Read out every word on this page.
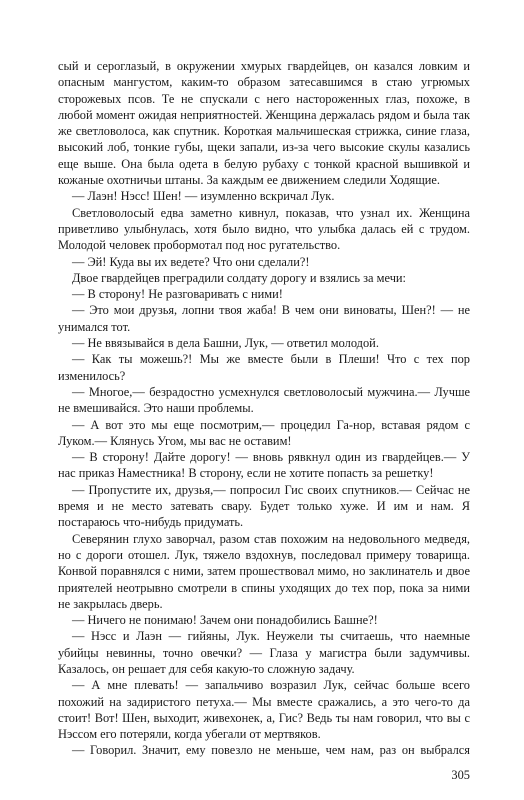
сый и сероглазый, в окружении хмурых гвардейцев, он казался ловким и опасным мангустом, каким-то образом затесавшимся в стаю угрюмых сторожевых псов. Те не спускали с него настороженных глаз, похоже, в любой момент ожидая неприятностей. Женщина держалась рядом и была так же светловолоса, как спутник. Короткая мальчишеская стрижка, синие глаза, высокий лоб, тонкие губы, щеки запали, из-за чего высокие скулы казались еще выше. Она была одета в белую рубаху с тонкой красной вышивкой и кожаные охотничьи штаны. За каждым ее движением следили Ходящие.

— Лаэн! Нэсс! Шен! — изумленно вскричал Лук.

Светловолосый едва заметно кивнул, показав, что узнал их. Женщина приветливо улыбнулась, хотя было видно, что улыбка далась ей с трудом. Молодой человек пробормотал под нос ругательство.

— Эй! Куда вы их ведете? Что они сделали?!

Двое гвардейцев преградили солдату дорогу и взялись за мечи:

— В сторону! Не разговаривать с ними!

— Это мои друзья, лопни твоя жаба! В чем они виноваты, Шен?! — не унимался тот.

— Не ввязывайся в дела Башни, Лук, — ответил молодой.

— Как ты можешь?! Мы же вместе были в Плеши! Что с тех пор изменилось?

— Многое,— безрадостно усмехнулся светловолосый мужчина.— Лучше не вмешивайся. Это наши проблемы.

— А вот это мы еще посмотрим,— процедил Га-нор, вставая рядом с Луком.— Клянусь Угом, мы вас не оставим!

— В сторону! Дайте дорогу! — вновь рявкнул один из гвардейцев.— У нас приказ Наместника! В сторону, если не хотите попасть за решетку!

— Пропустите их, друзья,— попросил Гис своих спутников.— Сейчас не время и не место затевать свару. Будет только хуже. И им и нам. Я постараюсь что-нибудь придумать.

Северянин глухо заворчал, разом став похожим на недовольного медведя, но с дороги отошел. Лук, тяжело вздохнув, последовал примеру товарища. Конвой поравнялся с ними, затем прошествовал мимо, но заклинатель и двое приятелей неотрывно смотрели в спины уходящих до тех пор, пока за ними не закрылась дверь.

— Ничего не понимаю! Зачем они понадобились Башне?!

— Нэсс и Лаэн — гийяны, Лук. Неужели ты считаешь, что наемные убийцы невинны, точно овечки? — Глаза у магистра были задумчивы. Казалось, он решает для себя какую-то сложную задачу.

— А мне плевать! — запальчиво возразил Лук, сейчас больше всего похожий на задиристого петуха.— Мы вместе сражались, а это чего-то да стоит! Вот! Шен, выходит, живехонек, а, Гис? Ведь ты нам говорил, что вы с Нэссом его потеряли, когда убегали от мертвяков.

— Говорил. Значит, ему повезло не меньше, чем нам, раз он выбрался

305
